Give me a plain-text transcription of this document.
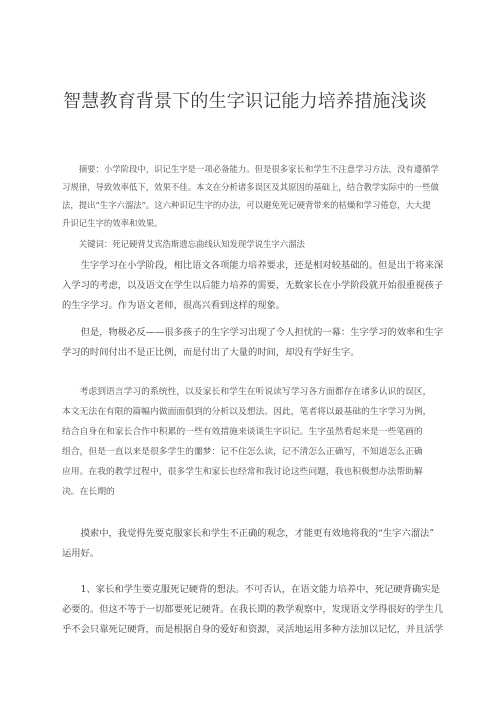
智慧教育背景下的生字识记能力培养措施浅谈
摘要：小学阶段中，识记生字是一项必备能力。但是很多家长和学生不注意学习方法，没有遵循学
习规律，导致效率低下，效果不佳。本文在分析诸多误区及其原因的基础上，结合教学实际中的一些做
法，提出“生字六溜法”。这六种识记生字的办法，可以避免死记硬背带来的枯燥和学习倦怠，大大提
升识记生字的效率和效果。
关键词：死记硬背艾宾浩斯遗忘曲线认知发现学说生字六溜法
生字学习在小学阶段，相比语文各项能力培养要求，还是相对较基础的。但是出于将来深
入学习的考虑，以及语文在学生以后能力培养的需要，无数家长在小学阶段就开始很重视孩子
的生字学习。作为语文老师，很高兴看到这样的现象。
但是，物极必反——很多孩子的生字学习出现了令人担忧的一幕：生字学习的效率和生字
学习的时间付出不是正比例，而是付出了大量的时间，却没有学好生字。
考虑到语言学习的系统性，以及家长和学生在听说读写学习各方面都存在诸多认识的误区，
本文无法在有限的篇幅内做面面俱到的分析以及想法。因此，笔者将以最基础的生字学习为例，
结合自身在和家长合作中积累的一些有效措施来谈谈生字识记。生字虽然看起来是一些笔画的
组合，但是一直以来是很多学生的噩梦：记不住怎么读，记不清怎么正确写，不知道怎么正确
应用。在我的教学过程中，很多学生和家长也经常和我讨论这些问题，我也积极想办法帮助解
决。在长期的
摸索中，我觉得先要克服家长和学生不正确的观念，才能更有效地将我的“生字六溜法”
运用好。
1、家长和学生要克服死记硬背的想法。不可否认，在语文能力培养中，死记硬背确实是
必要的。但这不等于一切都要死记硬背。在我长期的教学观察中，发现语文学得很好的学生几
乎不会只靠死记硬背，而是根据自身的爱好和资源，灵活地运用多种方法加以记忆，并且活学
